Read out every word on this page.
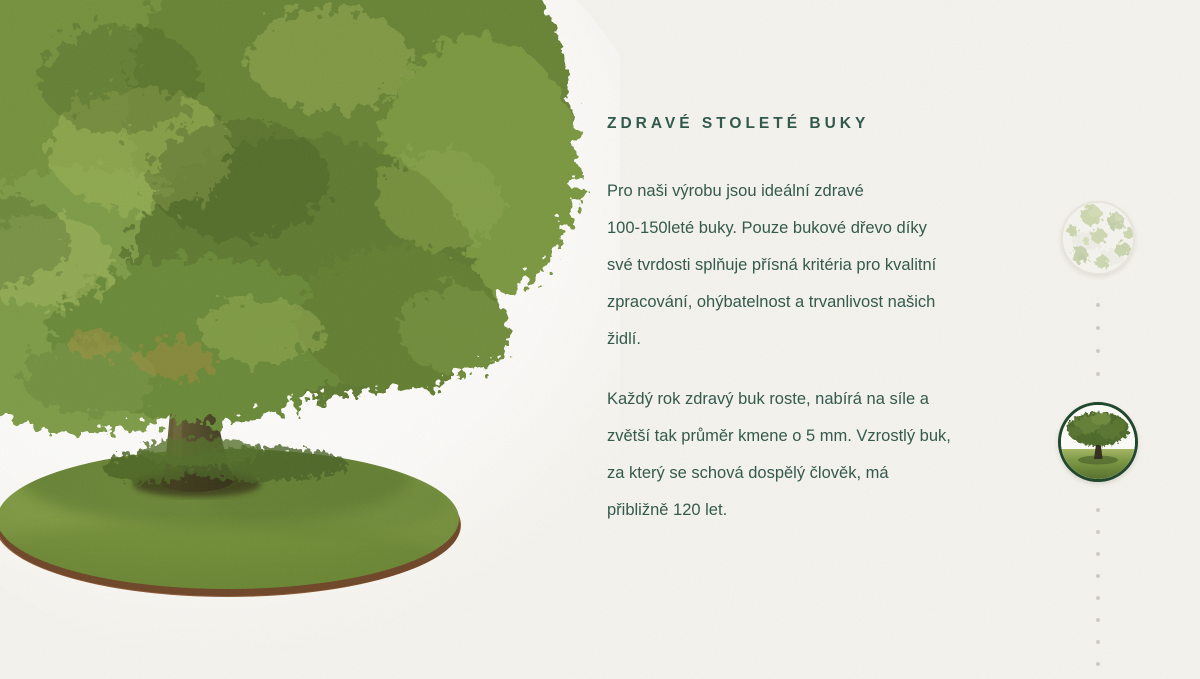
ZDRAVÉ STOLETÉ BUKY
Pro naši výrobu jsou ideální zdravé
100-150leté buky. Pouze bukové dřevo díky
své tvrdosti splňuje přísná kritéria pro kvalitní
zpracování, ohýbatelnost a trvanlivost našich
židlí.
Každý rok zdravý buk roste, nabírá na síle a
zvětší tak průměr kmene o 5 mm. Vzrostlý buk,
za který se schová dospělý člověk, má
přibližně 120 let.
